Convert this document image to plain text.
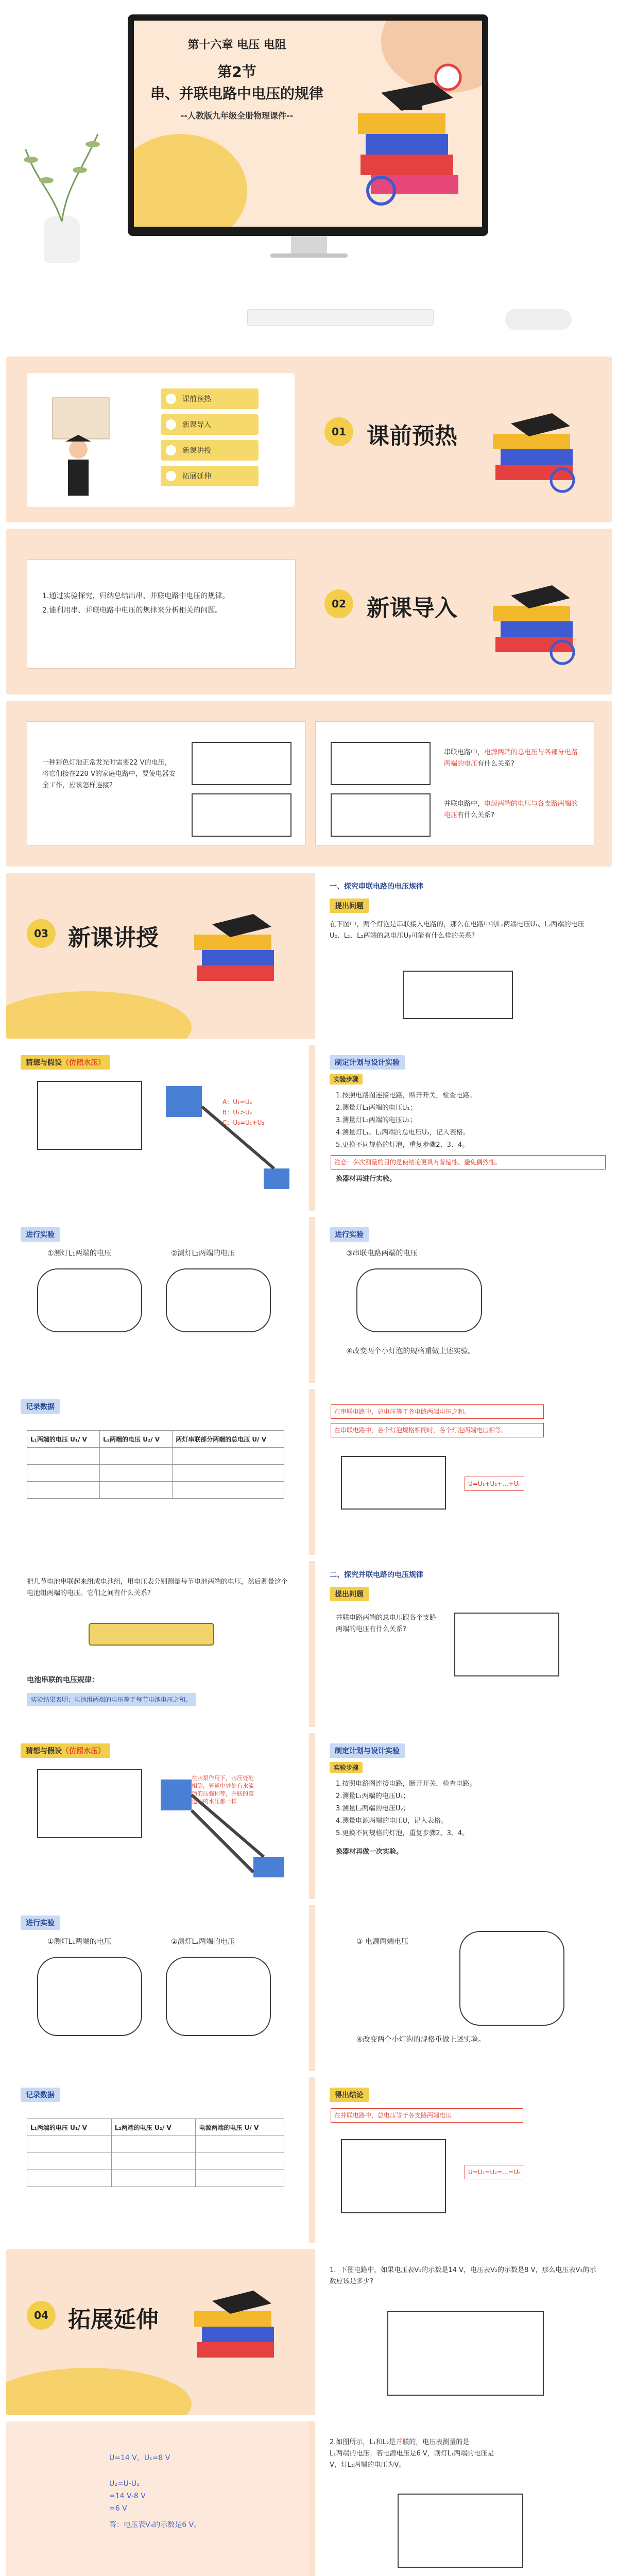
第十六章 电压 电阻
第2节
串、并联电路中电压的规律
--人教版九年级全册物理课件--
课前预热
新课导入
新课讲授
拓展延伸
01 课前预热
1.通过实验探究，归纳总结出串、并联电路中电压的规律。
2.能利用串、并联电路中电压的规律来分析相关的问题。
02 新课导入
一种彩色灯泡正常发光时需要22 V的电压，将它们接在220 V的家庭电路中，要使电器安全工作，应该怎样连接?
串联电路中，电源两端的总电压与各部分电路两端的电压有什么关系?
并联电路中，电源两端的电压与各支路两端的电压有什么关系?
03 新课讲授
一、探究串联电路的电压规律
提出问题
在下图中，两个灯泡是串联接入电路的，那么在电路中的L₁两端电压U₁、L₂两端的电压U₂、L₁、L₂两端的总电压U₃可能有什么样的关系?
猜想与假设（仿照水压）
A：U₁=U₂
B：U₁>U₂
C：U₃=U₁+U₂
制定计划与设计实验
实验步骤
1.按照电路图连接电路，断开开关，检查电路。
2.测量灯L₁两端的电压U₁；
3.测量灯L₂两端的电压U₂；
4.测量灯L₁、L₂两端的总电压U₃，记入表格。
5.更换不同规格的灯泡，重复步骤2、3、4。
注意：多次测量的目的是使结论更具有普遍性、避免偶然性。
换器材再进行实验。
进行实验
①测灯L₁两端的电压	②测灯L₂两端的电压
进行实验
③串联电路两端的电压
④改变两个小灯泡的规格重做上述实验。
记录数据
L₁两端的电压 U₁/ V	L₂两端的电压 U₂/ V	两灯串联部分两端的总电压 U/ V

在串联电路中，总电压等于各电路两端电压之和。
在串联电路中，各个灯泡规格相同时，各个灯泡两端电压相等。
U=U₁+U₂+…+Uₙ
把几节电池串联起来组成电池组，用电压表分别测量每节电池两端的电压，然后测量这个电池组两端的电压。它们之间有什么关系?
电池串联的电压规律：
实验结果表明：电池组两端的电压等于每节电池电压之和。
二、探究并联电路的电压规律
提出问题
并联电路两端的总电压跟各个支路两端的电压有什么关系?
猜想与假设（仿照水压）
在水泵作用下，水压处处相等，管道中处处有水流动的压强相等，并联的管道中的水压都一样
制定计划与设计实验
实验步骤
1.按照电路图连接电路，断开开关，检查电路。
2.测量L₁两端的电压U₁；
3.测量L₂两端的电压U₂；
4.测量电源两端的电压U，记入表格。
5.更换不同规格的灯泡，重复步骤2、3、4。
换器材再做一次实验。
进行实验
①测灯L₁两端的电压	②测灯L₂两端的电压	③ 电源两端电压
④改变两个小灯泡的规格重做上述实验。
记录数据
L₁两端的电压 U₁/ V	L₂两端的电压 U₂/ V	电源两端的电压 U/ V

得出结论
在并联电路中，总电压等于各支路两端电压
U=U₁=U₂=…=Uₙ
04 拓展延伸
1．下图电路中，如果电压表V₁的示数是14 V，电压表V₂的示数是8 V，那么电压表V₃的示数应该是多少?
U=14 V，U₁=8 V
U₂=U-U₁
=14 V-8 V
=6 V
答：电压表V₃的示数是6 V。
2.如图所示，L₁和L₂是并联的，电压表测量的是
L₁两端的电压；若电源电压是6 V，则灯L₁两端的电压是
V，灯L₂两端的电压为V。
